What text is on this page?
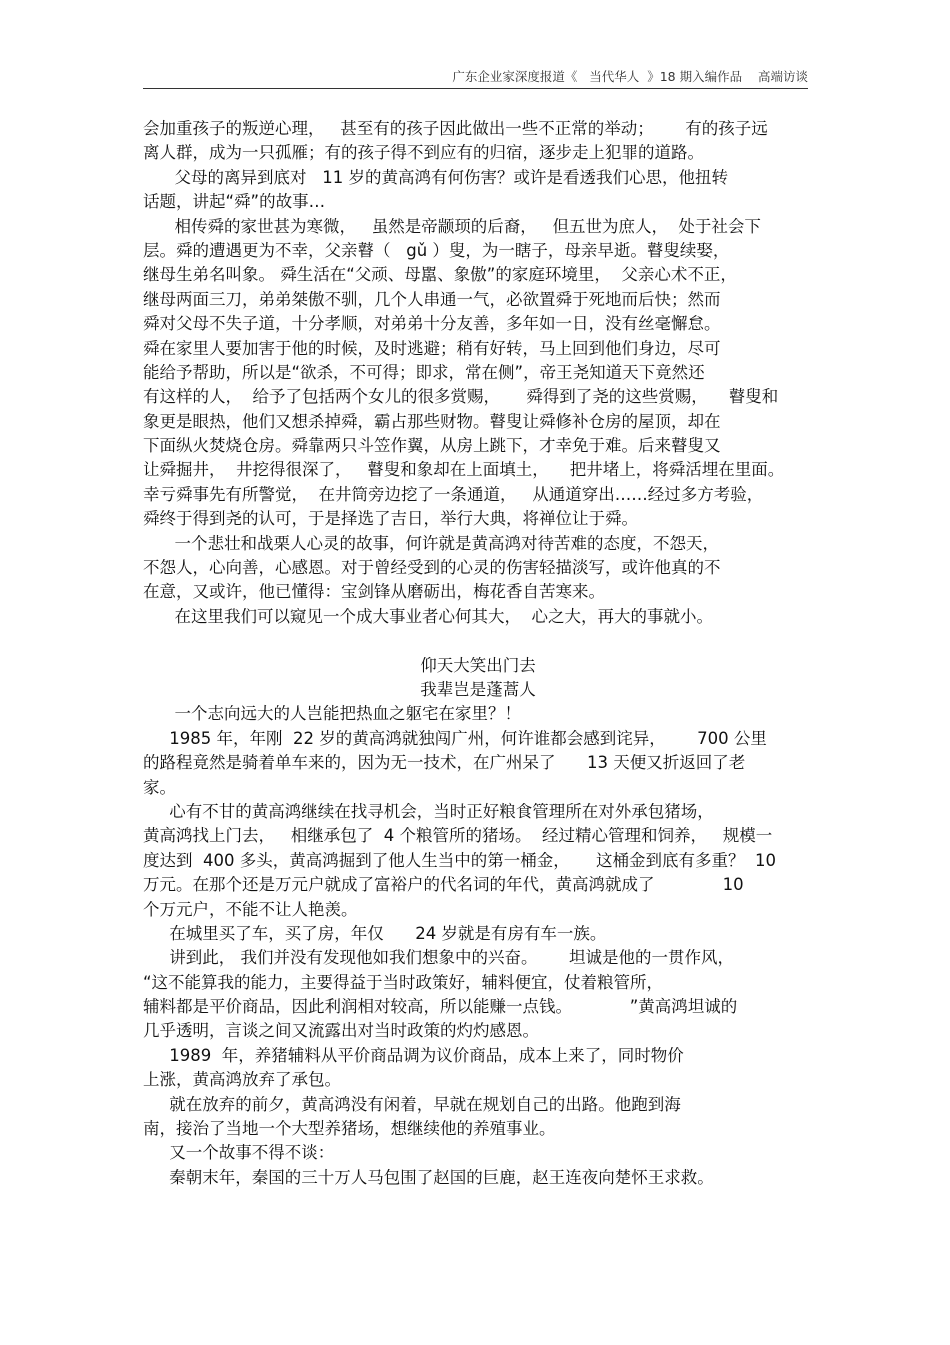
广东企业家深度报道《   当代华人  》18 期入编作品    高端访谈
会加重孩子的叛逆心理，   甚至有的孩子因此做出一些不正常的举动；      有的孩子远
离人群，成为一只孤雁；有的孩子得不到应有的归宿，逐步走上犯罪的道路。
父母的离异到底对   11 岁的黄高鸿有何伤害？或许是看透我们心思，他扭转
话题，讲起“舜”的故事…
相传舜的家世甚为寒微，   虽然是帝颛顼的后裔，   但五世为庶人，  处于社会下
层。舜的遭遇更为不幸，父亲瞽（   gǔ ）叟，为一瞎子，母亲早逝。瞽叟续娶，
继母生弟名叫象。 舜生活在“父顽、母嚚、象傲”的家庭环境里，  父亲心术不正，
继母两面三刀，弟弟桀傲不驯，几个人串通一气，必欲置舜于死地而后快；然而
舜对父母不失子道，十分孝顺，对弟弟十分友善，多年如一日，没有丝毫懈怠。
舜在家里人要加害于他的时候，及时逃避；稍有好转，马上回到他们身边，尽可
能给予帮助，所以是“欲杀，不可得；即求，常在侧”，帝王尧知道天下竟然还
有这样的人，  给予了包括两个女儿的很多赏赐，     舜得到了尧的这些赏赐，    瞽叟和
象更是眼热，他们又想杀掉舜，霸占那些财物。瞽叟让舜修补仓房的屋顶，却在
下面纵火焚烧仓房。舜靠两只斗笠作翼，从房上跳下，才幸免于难。后来瞽叟又
让舜掘井，  井挖得很深了，   瞽叟和象却在上面填土，    把井堵上，将舜活埋在里面。
幸亏舜事先有所警觉，  在井筒旁边挖了一条通道，   从通道穿出……经过多方考验，
舜终于得到尧的认可，于是择选了吉日，举行大典，将禅位让于舜。
一个悲壮和战栗人心灵的故事，何许就是黄高鸿对待苦难的态度，不怨天，
不怨人，心向善，心感恩。对于曾经受到的心灵的伤害轻描淡写，或许他真的不
在意，又或许，他已懂得：宝剑锋从磨砺出，梅花香自苦寒来。
在这里我们可以窥见一个成大事业者心何其大，  心之大，再大的事就小。
仰天大笑出门去
我辈岂是蓬蒿人
一个志向远大的人岂能把热血之躯宅在家里？！
1985 年，年刚  22 岁的黄高鸿就独闯广州，何许谁都会感到诧异，      700 公里
的路程竟然是骑着单车来的，因为无一技术，在广州呆了      13 天便又折返回了老
家。
心有不甘的黄高鸿继续在找寻机会，当时正好粮食管理所在对外承包猪场，
黄高鸿找上门去，   相继承包了  4 个粮管所的猪场。  经过精心管理和饲养，   规模一
度达到  400 多头，黄高鸿掘到了他人生当中的第一桶金，     这桶金到底有多重？  10
万元。在那个还是万元户就成了富裕户的代名词的年代，黄高鸿就成了             10
个万元户，不能不让人艳羡。
在城里买了车，买了房，年仅      24 岁就是有房有车一族。
讲到此， 我们并没有发现他如我们想象中的兴奋。      坦诚是他的一贯作风，
“这不能算我的能力，主要得益于当时政策好，辅料便宜，仗着粮管所，
辅料都是平价商品，因此利润相对较高，所以能赚一点钱。           ”黄高鸿坦诚的
几乎透明，言谈之间又流露出对当时政策的灼灼感恩。
1989  年，养猪辅料从平价商品调为议价商品，成本上来了，同时物价
上涨，黄高鸿放弃了承包。
就在放弃的前夕，黄高鸿没有闲着，早就在规划自己的出路。他跑到海
南，接治了当地一个大型养猪场，想继续他的养殖事业。
又一个故事不得不谈：
秦朝末年，秦国的三十万人马包围了赵国的巨鹿，赵王连夜向楚怀王求救。
